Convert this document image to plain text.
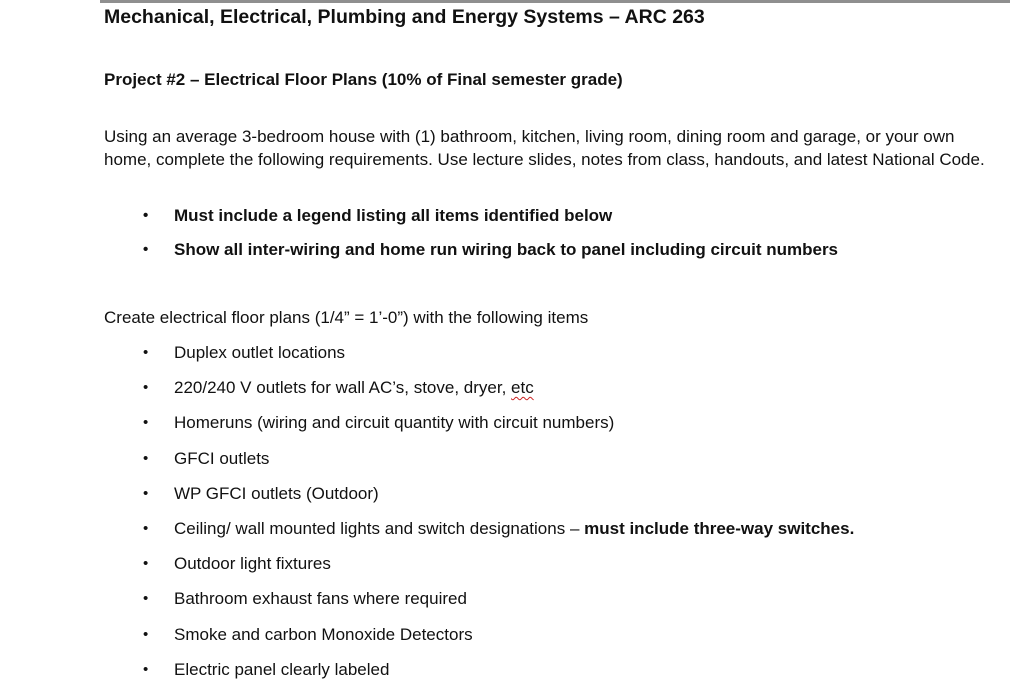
Mechanical, Electrical, Plumbing and Energy Systems – ARC 263
Project #2 – Electrical Floor Plans (10% of Final semester grade)

Using an average 3-bedroom house with (1) bathroom, kitchen, living room, dining room and garage, or your own home, complete the following requirements. Use lecture slides, notes from class, handouts, and latest National Code.

• Must include a legend listing all items identified below
• Show all inter-wiring and home run wiring back to panel including circuit numbers

Create electrical floor plans (1/4” = 1’-0”) with the following items

• Duplex outlet locations
• 220/240 V outlets for wall AC’s, stove, dryer, etc
• Homeruns (wiring and circuit quantity with circuit numbers)
• GFCI outlets
• WP GFCI outlets (Outdoor)
• Ceiling/ wall mounted lights and switch designations – must include three-way switches.
• Outdoor light fixtures
• Bathroom exhaust fans where required
• Smoke and carbon Monoxide Detectors
• Electric panel clearly labeled
